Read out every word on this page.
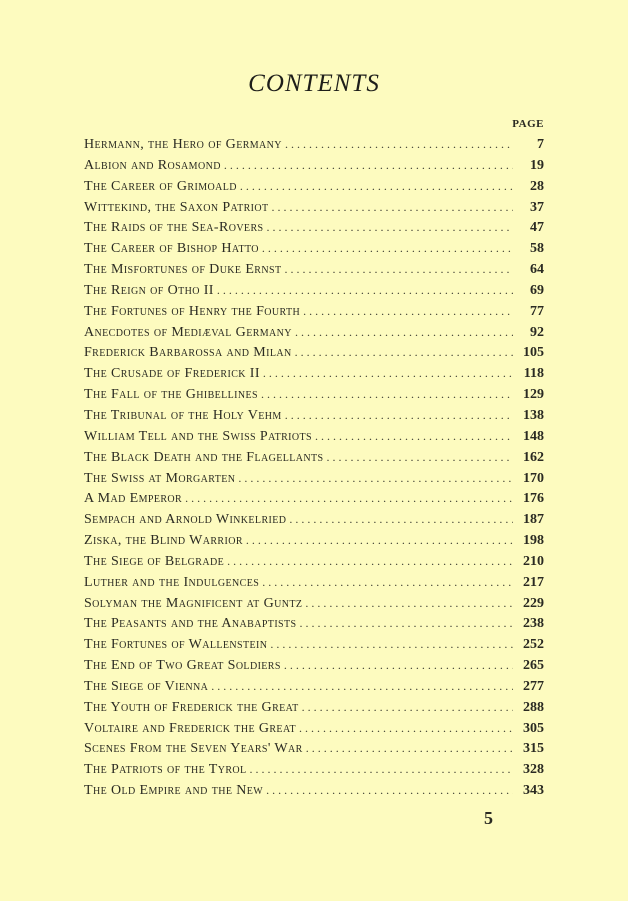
CONTENTS
PAGE
Hermann, the Hero of Germany . . .	7
Albion and Rosamond . . .	19
The Career of Grimoald . . .	28
Wittekind, the Saxon Patriot . . .	37
The Raids of the Sea-Rovers . . .	47
The Career of Bishop Hatto . . .	58
The Misfortunes of Duke Ernst . . .	64
The Reign of Otho II . . .	69
The Fortunes of Henry the Fourth . . .	77
Anecdotes of Mediæval Germany . . .	92
Frederick Barbarossa and Milan . . .	105
The Crusade of Frederick II . . .	118
The Fall of the Ghibellines . . .	129
The Tribunal of the Holy Vehm . . .	138
William Tell and the Swiss Patriots . . .	148
The Black Death and the Flagellants . . .	162
The Swiss at Morgarten . . .	170
A Mad Emperor . . .	176
Sempach and Arnold Winkelried . . .	187
Ziska, the Blind Warrior . . .	198
The Siege of Belgrade . . .	210
Luther and the Indulgences . . .	217
Solyman the Magnificent at Guntz . . .	229
The Peasants and the Anabaptists . . .	238
The Fortunes of Wallenstein . . .	252
The End of Two Great Soldiers . . .	265
The Siege of Vienna . . .	277
The Youth of Frederick the Great . . .	288
Voltaire and Frederick the Great . . .	305
Scenes From the Seven Years' War . . .	315
The Patriots of the Tyrol . . .	328
The Old Empire and the New . . .	343
5
